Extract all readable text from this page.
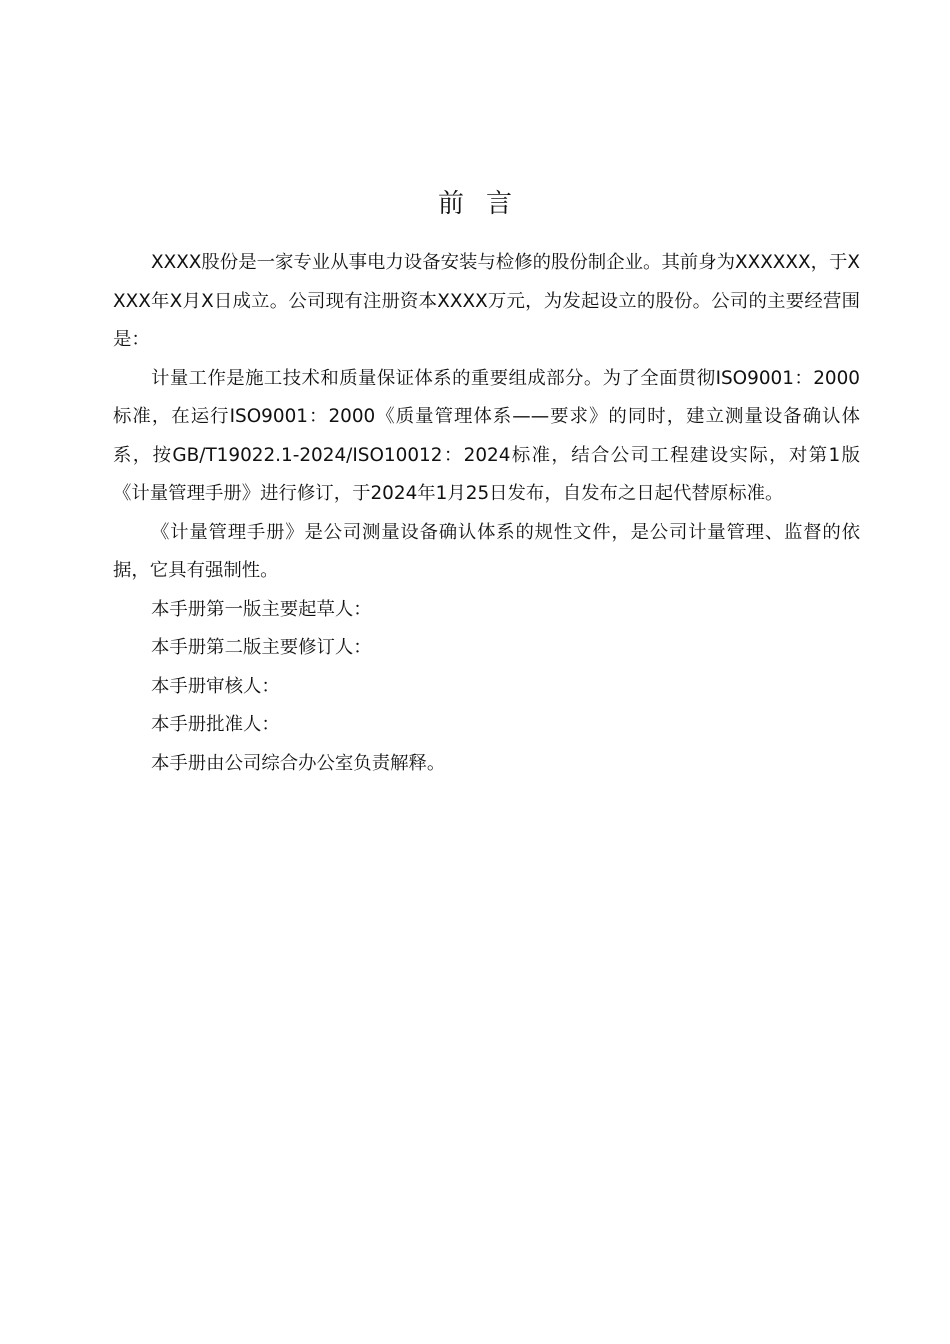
前言

XXXX股份是一家专业从事电力设备安装与检修的股份制企业。其前身为XXXXXX，于XXXX年X月X日成立。公司现有注册资本XXXX万元，为发起设立的股份。公司的主要经营围是：

计量工作是施工技术和质量保证体系的重要组成部分。为了全面贯彻ISO9001：2000标准，在运行ISO9001：2000《质量管理体系——要求》的同时，建立测量设备确认体系，按GB/T19022.1-2024/ISO10012：2024标准，结合公司工程建设实际，对第1版《计量管理手册》进行修订，于2024年1月25日发布，自发布之日起代替原标准。

《计量管理手册》是公司测量设备确认体系的规性文件，是公司计量管理、监督的依据，它具有强制性。

本手册第一版主要起草人：

本手册第二版主要修订人：

本手册审核人：

本手册批准人：

本手册由公司综合办公室负责解释。
